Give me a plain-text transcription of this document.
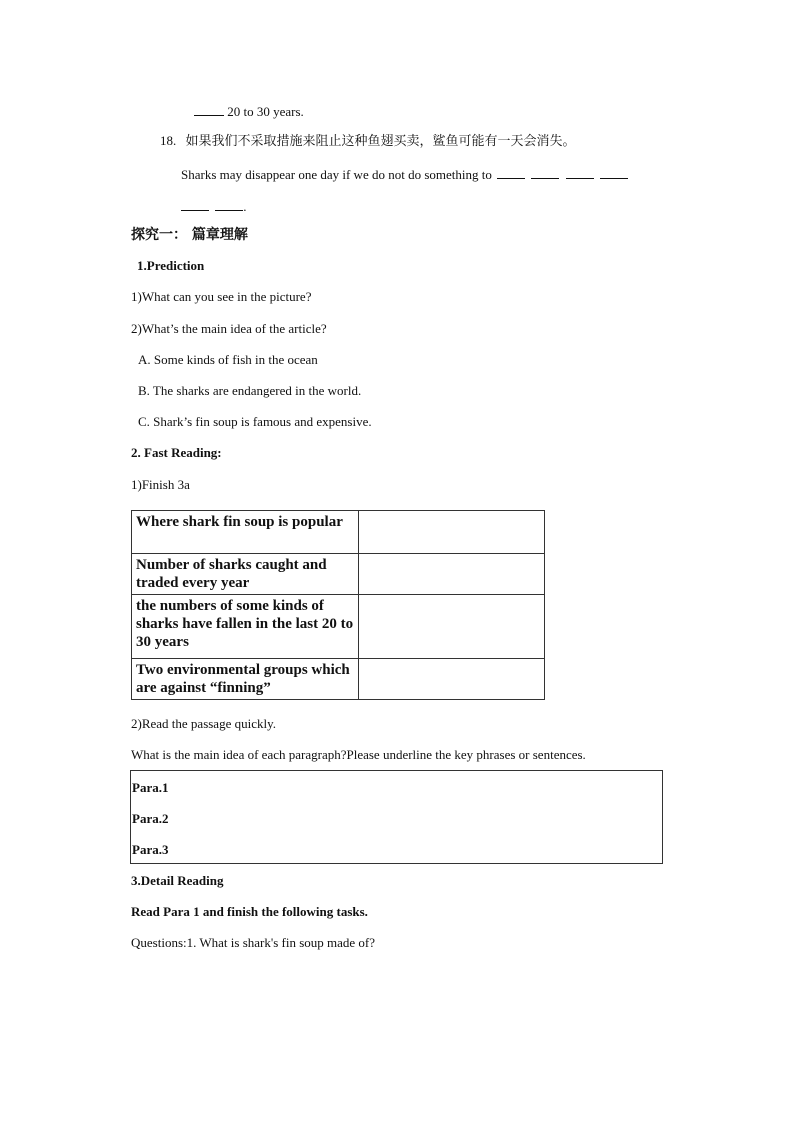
20 to 30 years.
18. 如果我们不采取措施来阻止这种鱼翅买卖，鲨鱼可能有一天会消失。
Sharks may disappear one day if we do not do something to
.
探究一： 篇章理解
1.Prediction
1)What can you see in the picture?
2)What’s the main idea of the article?
A. Some kinds of fish in the ocean
B. The sharks are endangered in the world.
C. Shark’s fin soup is famous and expensive.
2. Fast Reading:
1)Finish 3a
Where shark fin soup is popular	
Number of sharks caught and traded every year	
the numbers of some kinds of sharks have fallen in the last 20 to 30 years	
Two environmental groups which are against “finning”	
2)Read the passage quickly.
What is the main idea of each paragraph?Please underline the key phrases or sentences.
Para.1
Para.2
Para.3
3.Detail Reading
Read Para 1 and finish the following tasks.
Questions:1. What is shark's fin soup made of?
